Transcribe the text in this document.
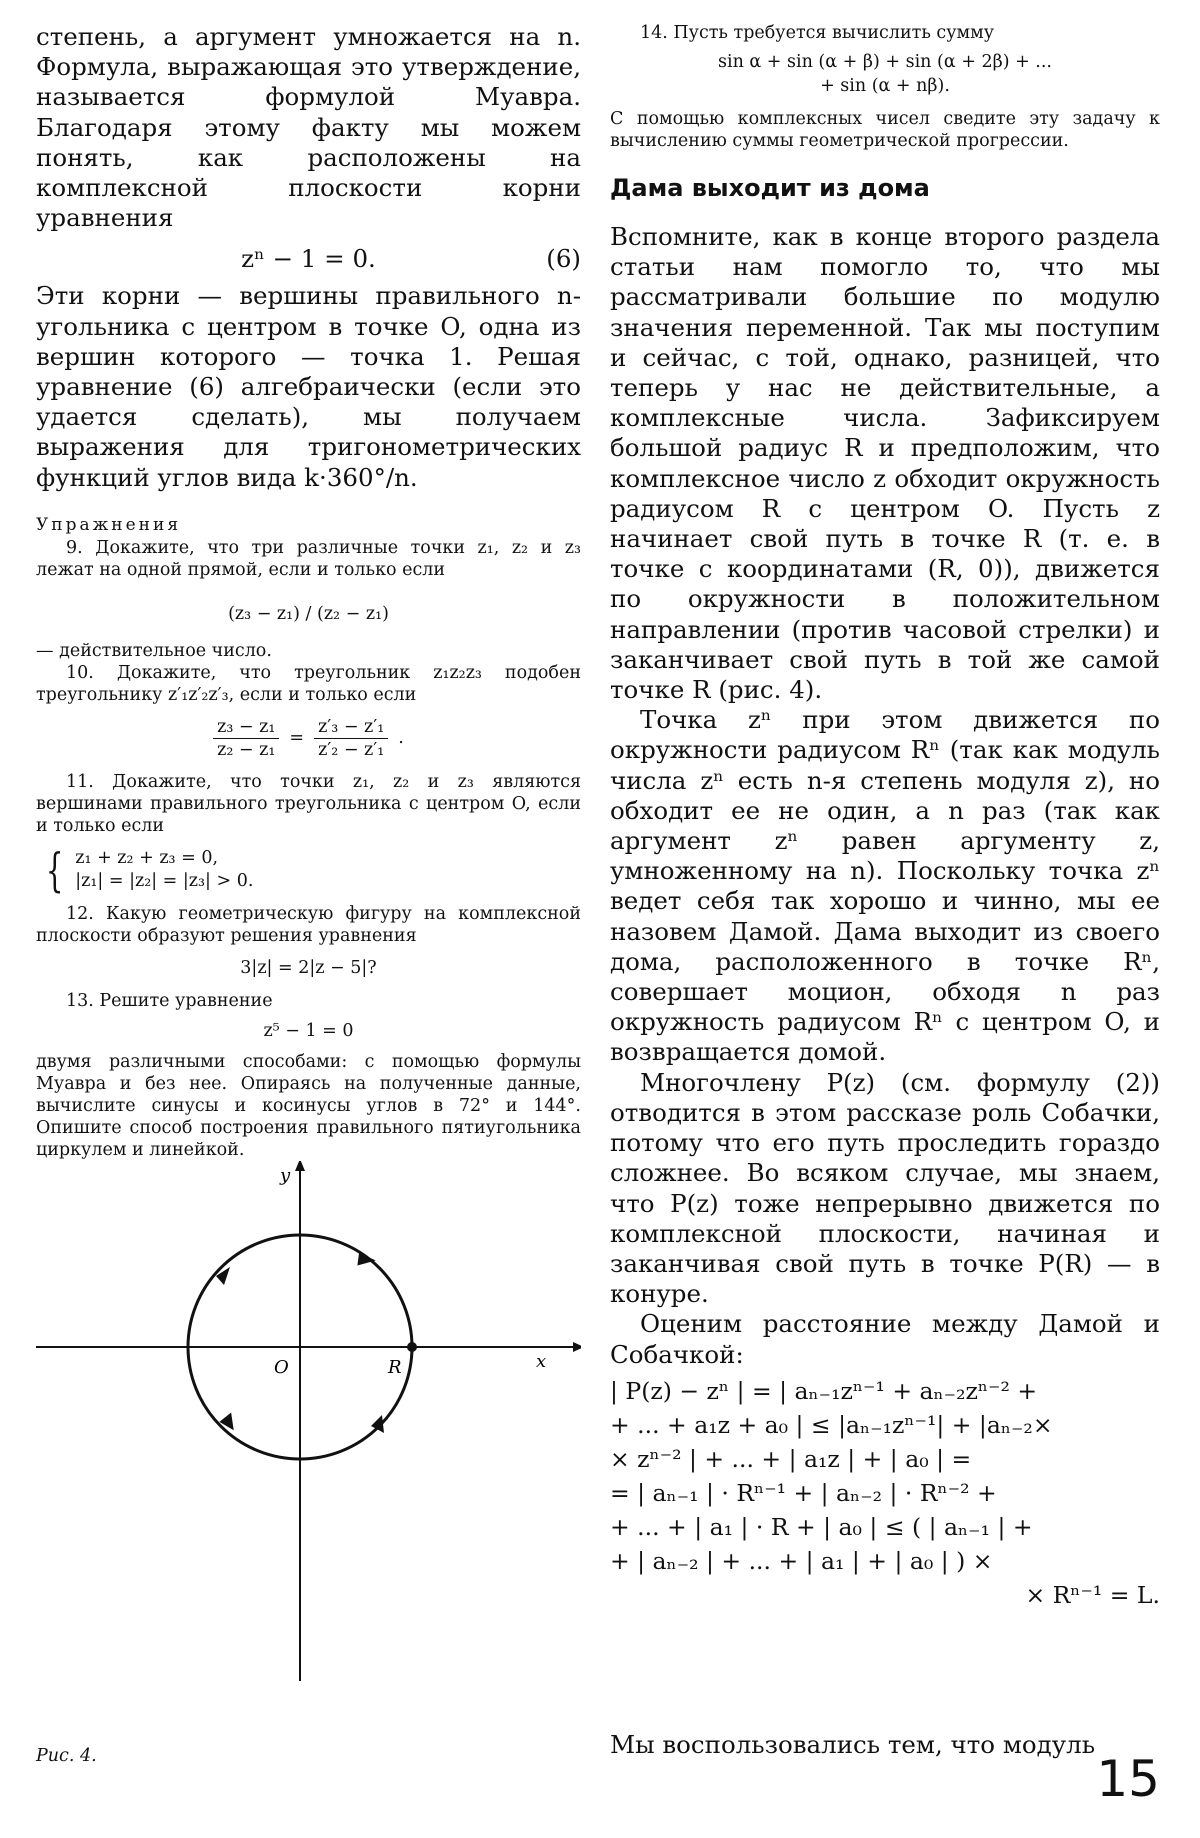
степень, а аргумент умножается на n. Формула, выражающая это утверждение, называется формулой Муавра. Благодаря этому факту мы можем понять, как расположены на комплексной плоскости корни уравнения

zⁿ − 1 = 0.	(6)

Эти корни — вершины правильного n-угольника с центром в точке O, одна из вершин которого — точка 1. Решая уравнение (6) алгебраически (если это удается сделать), мы получаем выражения для тригонометрических функций углов вида k·360°/n.

Упражнения

9. Докажите, что три различные точки z₁, z₂ и z₃ лежат на одной прямой, если и только если

(z₃ − z₁) / (z₂ − z₁)

— действительное число.

10. Докажите, что треугольник z₁z₂z₃ подобен треугольнику z′₁z′₂z′₃, если и только если

$\frac{\text{z₃ − z₁}}{\text{z₂ − z₁}} = \frac{\text{z′₃ − z′₁}}{\text{z′₂ − z′₁}}$ .

11. Докажите, что точки z₁, z₂ и z₃ являются вершинами правильного треугольника с центром O, если и только если

{ z₁ + z₂ + z₃ = 0,
|z₁| = |z₂| = |z₃| > 0.

12. Какую геометрическую фигуру на комплексной плоскости образуют решения уравнения

3|z| = 2|z − 5|?

13. Решите уравнение

z⁵ − 1 = 0

двумя различными способами: с помощью формулы Муавра и без нее. Опираясь на полученные данные, вычислите синусы и косинусы углов в 72° и 144°. Опишите способ построения правильного пятиугольника циркулем и линейкой.

y
x
O	R
Рис. 4.

14. Пусть требуется вычислить сумму

sin α + sin (α + β) + sin (α + 2β) + ...
+ sin (α + nβ).

С помощью комплексных чисел сведите эту задачу к вычислению суммы геометрической прогрессии.

Дама выходит из дома

Вспомните, как в конце второго раздела статьи нам помогло то, что мы рассматривали большие по модулю значения переменной. Так мы поступим и сейчас, с той, однако, разницей, что теперь у нас не действительные, а комплексные числа. Зафиксируем большой радиус R и предположим, что комплексное число z обходит окружность радиусом R с центром O. Пусть z начинает свой путь в точке R (т. е. в точке с координатами (R, 0)), движется по окружности в положительном направлении (против часовой стрелки) и заканчивает свой путь в той же самой точке R (рис. 4).

Точка zⁿ при этом движется по окружности радиусом Rⁿ (так как модуль числа zⁿ есть n-я степень модуля z), но обходит ее не один, а n раз (так как аргумент zⁿ равен аргументу z, умноженному на n). Поскольку точка zⁿ ведет себя так хорошо и чинно, мы ее назовем Дамой. Дама выходит из своего дома, расположенного в точке Rⁿ, совершает моцион, обходя n раз окружность радиусом Rⁿ с центром O, и возвращается домой.

Многочлену P(z) (см. формулу (2)) отводится в этом рассказе роль Собачки, потому что его путь проследить гораздо сложнее. Во всяком случае, мы знаем, что P(z) тоже непрерывно движется по комплексной плоскости, начиная и заканчивая свой путь в точке P(R) — в конуре.

Оценим расстояние между Дамой и Собачкой:

| P(z) − zⁿ | = | aₙ₋₁zⁿ⁻¹ + aₙ₋₂zⁿ⁻² +

+ ... + a₁z + a₀ | ≤ |aₙ₋₁zⁿ⁻¹| + |aₙ₋₂×

× zⁿ⁻² | + ... + | a₁z | + | a₀ | =

= | aₙ₋₁ | · Rⁿ⁻¹ + | aₙ₋₂ | · Rⁿ⁻² +

+ ... + | a₁ | · R + | a₀ | ≤ ( | aₙ₋₁ | +

+ | aₙ₋₂ | + ... + | a₁ | + | a₀ | ) ×

× Rⁿ⁻¹ = L.

Мы воспользовались тем, что модуль
15
